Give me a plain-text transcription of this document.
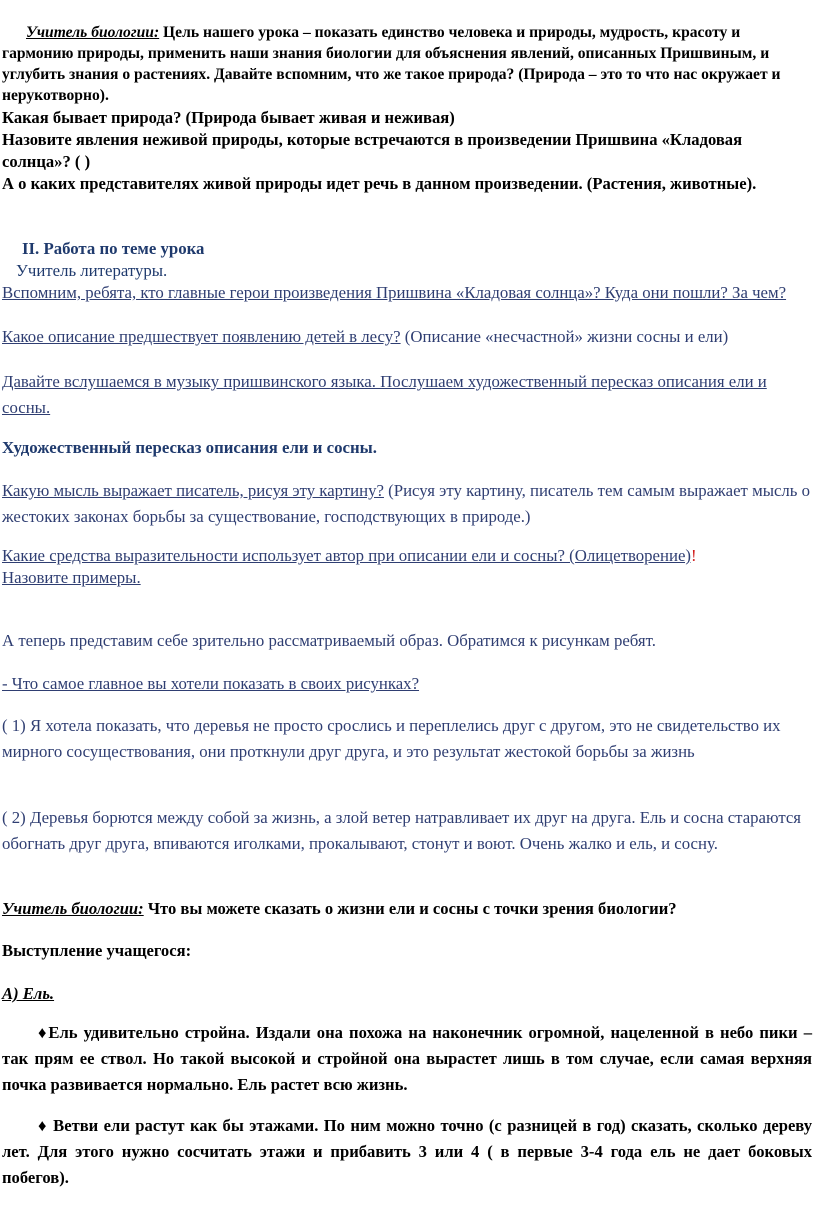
Учитель биологии: Цель нашего урока – показать единство человека и природы, мудрость, красоту и гармонию природы, применить наши знания биологии для объяснения явлений, описанных Пришвиным, и углубить знания о растениях. Давайте вспомним, что же такое природа? (Природа – это то что нас окружает и нерукотворно).

Какая бывает природа? (Природа бывает живая и неживая)

Назовите явления неживой природы, которые встречаются в произведении Пришвина «Кладовая солнца»? ( )

А о каких представителях живой природы идет речь в данном произведении. (Растения, животные).

II. Работа по теме урока

Учитель литературы.

Вспомним, ребята, кто главные герои произведения Пришвина «Кладовая солнца»? Куда они пошли? За чем?

Какое описание предшествует появлению детей в лесу? (Описание «несчастной» жизни сосны и ели)

Давайте вслушаемся в музыку пришвинского языка. Послушаем художественный пересказ описания ели и сосны.

Художественный пересказ описания ели и сосны.

Какую мысль выражает писатель, рисуя эту картину? (Рисуя эту картину, писатель тем самым выражает мысль о жестоких законах борьбы за существование, господствующих в природе.)

Какие средства выразительности использует автор при описании ели и сосны? (Олицетворение)!
Назовите примеры.

А теперь представим себе зрительно рассматриваемый образ. Обратимся к рисункам ребят.

- Что самое главное вы хотели показать в своих рисунках?

( 1) Я хотела показать, что деревья не просто срослись и переплелись друг с другом, это не свидетельство их мирного сосуществования, они проткнули друг друга, и это результат жестокой борьбы за жизнь

( 2) Деревья борются между собой за жизнь, а злой ветер натравливает их друг на друга. Ель и сосна стараются обогнать друг друга, впиваются иголками, прокалывают, стонут и воют. Очень жалко и ель, и сосну.

Учитель биологии: Что вы можете сказать о жизни ели и сосны с точки зрения биологии?

Выступление учащегося:

А) Ель.

♦Ель удивительно стройна. Издали она похожа на наконечник огромной, нацеленной в небо пики – так прям ее ствол. Но такой высокой и стройной она вырастет лишь в том случае, если самая верхняя почка развивается нормально. Ель растет всю жизнь.

♦ Ветви ели растут как бы этажами. По ним можно точно (с разницей в год) сказать, сколько дереву лет. Для этого нужно сосчитать этажи и прибавить 3 или 4 ( в первые 3-4 года ель не дает боковых побегов).
